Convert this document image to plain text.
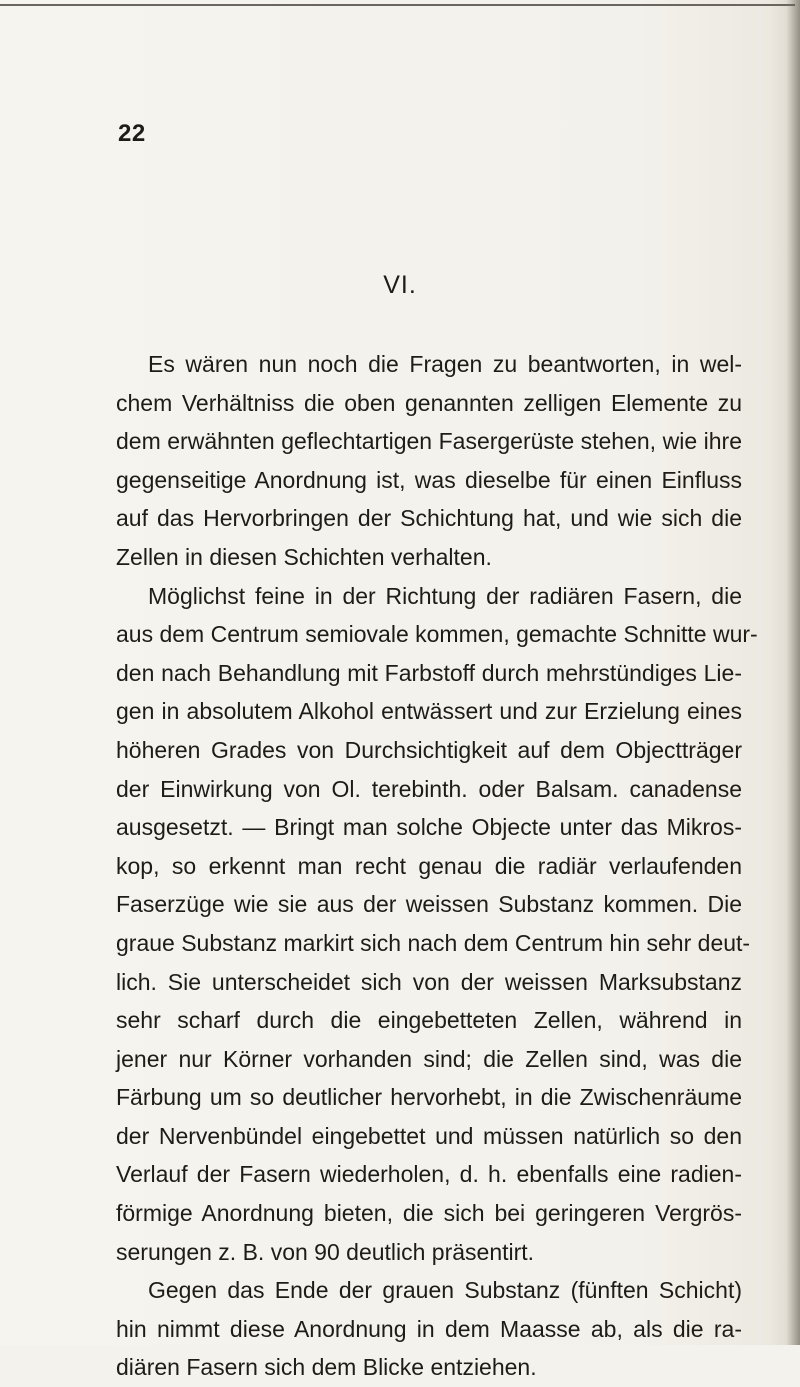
22

VI.
Es wären nun noch die Fragen zu beantworten, in wel-
chem Verhältniss die oben genannten zelligen Elemente zu
dem erwähnten geflechtartigen Fasergerüste stehen, wie ihre
gegenseitige Anordnung ist, was dieselbe für einen Einfluss
auf das Hervorbringen der Schichtung hat, und wie sich die
Zellen in diesen Schichten verhalten.
Möglichst feine in der Richtung der radiären Fasern, die
aus dem Centrum semiovale kommen, gemachte Schnitte wur-
den nach Behandlung mit Farbstoff durch mehrstündiges Lie-
gen in absolutem Alkohol entwässert und zur Erzielung eines
höheren Grades von Durchsichtigkeit auf dem Objectträger
der Einwirkung von Ol. terebinth. oder Balsam. canadense
ausgesetzt. — Bringt man solche Objecte unter das Mikros-
kop, so erkennt man recht genau die radiär verlaufenden
Faserzüge wie sie aus der weissen Substanz kommen. Die
graue Substanz markirt sich nach dem Centrum hin sehr deut-
lich. Sie unterscheidet sich von der weissen Marksubstanz
sehr scharf durch die eingebetteten Zellen, während in
jener nur Körner vorhanden sind; die Zellen sind, was die
Färbung um so deutlicher hervorhebt, in die Zwischenräume
der Nervenbündel eingebettet und müssen natürlich so den
Verlauf der Fasern wiederholen, d. h. ebenfalls eine radien-
förmige Anordnung bieten, die sich bei geringeren Vergrös-
serungen z. B. von 90 deutlich präsentirt.
Gegen das Ende der grauen Substanz (fünften Schicht)
hin nimmt diese Anordnung in dem Maasse ab, als die ra-
diären Fasern sich dem Blicke entziehen.
